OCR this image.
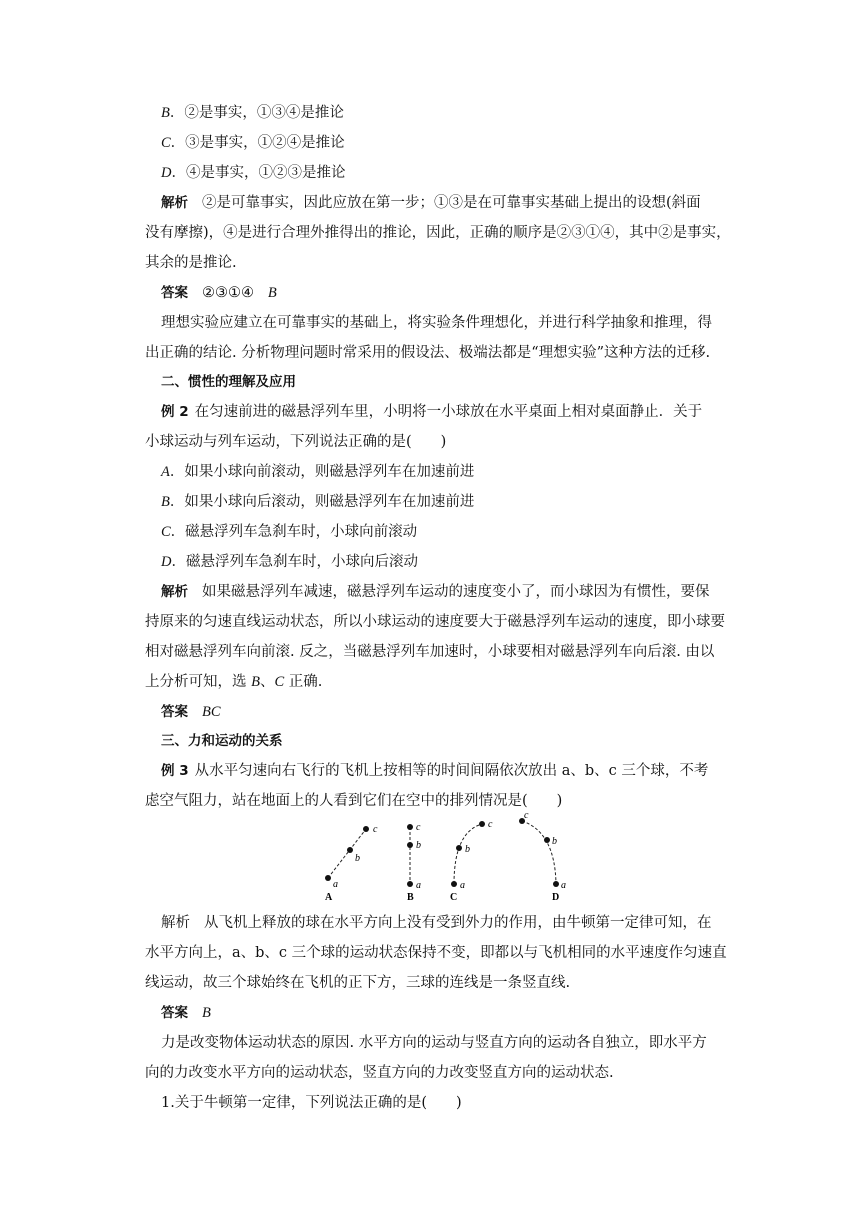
B．②是事实，①③④是推论
C．③是事实，①②④是推论
D．④是事实，①②③是推论
解析 ②是可靠事实，因此应放在第一步；①③是在可靠事实基础上提出的设想(斜面
没有摩擦)，④是进行合理外推得出的推论，因此，正确的顺序是②③①④，其中②是事实，
其余的是推论.
答案 ②③①④ B
理想实验应建立在可靠事实的基础上，将实验条件理想化，并进行科学抽象和推理，得
出正确的结论. 分析物理问题时常采用的假设法、极端法都是“理想实验”这种方法的迁移.
二、惯性的理解及应用
例 2 在匀速前进的磁悬浮列车里，小明将一小球放在水平桌面上相对桌面静止．关于
小球运动与列车运动，下列说法正确的是(　　)
A．如果小球向前滚动，则磁悬浮列车在加速前进
B．如果小球向后滚动，则磁悬浮列车在加速前进
C．磁悬浮列车急刹车时，小球向前滚动
D．磁悬浮列车急刹车时，小球向后滚动
解析 如果磁悬浮列车减速，磁悬浮列车运动的速度变小了，而小球因为有惯性，要保
持原来的匀速直线运动状态，所以小球运动的速度要大于磁悬浮列车运动的速度，即小球要
相对磁悬浮列车向前滚. 反之，当磁悬浮列车加速时，小球要相对磁悬浮列车向后滚. 由以
上分析可知，选 B、C 正确.
答案 BC
三、力和运动的关系
例 3 从水平匀速向右飞行的飞机上按相等的时间间隔依次放出 a、b、c 三个球，不考
虑空气阻力，站在地面上的人看到它们在空中的排列情况是(　　)
a
b
c
A
c
b
a
B
a
b
c
C
c
b
a
D
解析 从飞机上释放的球在水平方向上没有受到外力的作用，由牛顿第一定律可知，在
水平方向上，a、b、c 三个球的运动状态保持不变，即都以与飞机相同的水平速度作匀速直
线运动，故三个球始终在飞机的正下方，三球的连线是一条竖直线.
答案 B
力是改变物体运动状态的原因. 水平方向的运动与竖直方向的运动各自独立，即水平方
向的力改变水平方向的运动状态，竖直方向的力改变竖直方向的运动状态.
1.关于牛顿第一定律，下列说法正确的是(　　)
